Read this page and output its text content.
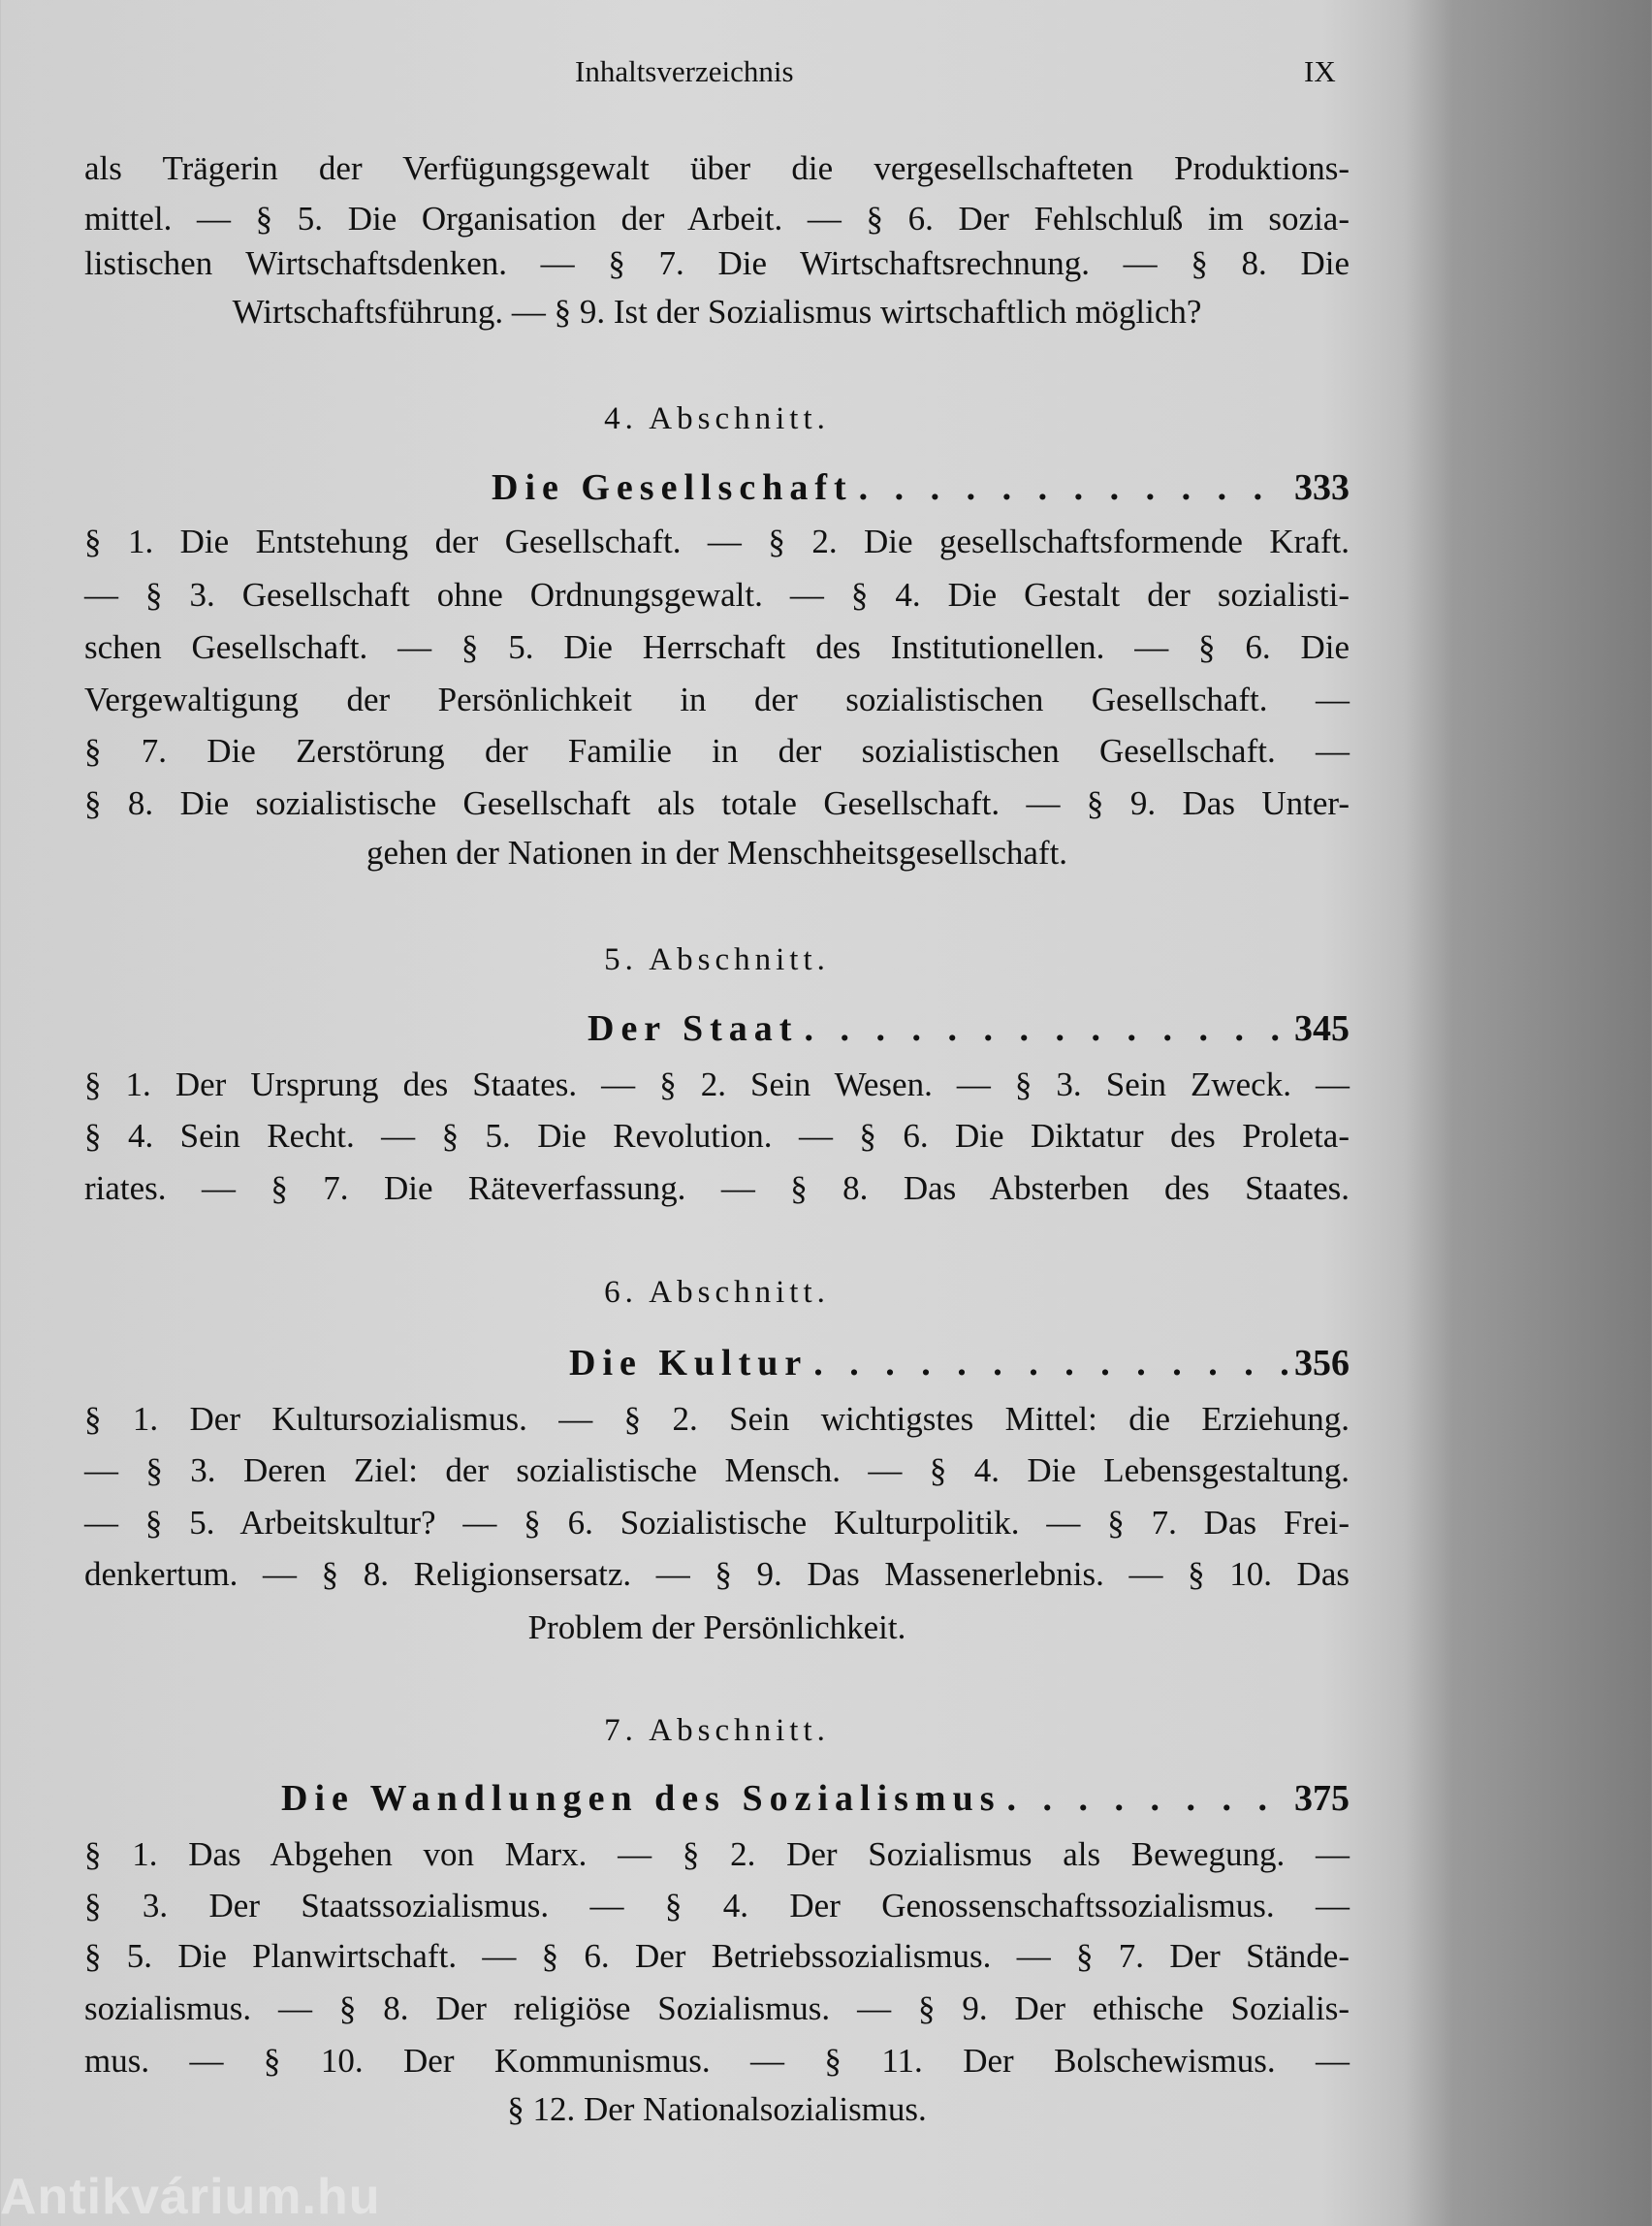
Inhaltsverzeichnis	IX
als Trägerin der Verfügungsgewalt über die vergesellschafteten Produktions-
mittel. — § 5. Die Organisation der Arbeit. — § 6. Der Fehlschluß im sozia-
listischen Wirtschaftsdenken. — § 7. Die Wirtschaftsrechnung. — § 8. Die
Wirtschaftsführung. — § 9. Ist der Sozialismus wirtschaftlich möglich?
4. Abschnitt.
Die Gesellschaft . . .	333
§ 1. Die Entstehung der Gesellschaft. — § 2. Die gesellschaftsformende Kraft.
— § 3. Gesellschaft ohne Ordnungsgewalt. — § 4. Die Gestalt der sozialisti-
schen Gesellschaft. — § 5. Die Herrschaft des Institutionellen. — § 6. Die
Vergewaltigung der Persönlichkeit in der sozialistischen Gesellschaft. —
§ 7. Die Zerstörung der Familie in der sozialistischen Gesellschaft. —
§ 8. Die sozialistische Gesellschaft als totale Gesellschaft. — § 9. Das Unter-
gehen der Nationen in der Menschheitsgesellschaft.
5. Abschnitt.
Der Staat . . .	345
§ 1. Der Ursprung des Staates. — § 2. Sein Wesen. — § 3. Sein Zweck. —
§ 4. Sein Recht. — § 5. Die Revolution. — § 6. Die Diktatur des Proleta-
riates. — § 7. Die Räteverfassung. — § 8. Das Absterben des Staates.
6. Abschnitt.
Die Kultur . . .	356
§ 1. Der Kultursozialismus. — § 2. Sein wichtigstes Mittel: die Erziehung.
— § 3. Deren Ziel: der sozialistische Mensch. — § 4. Die Lebensgestaltung.
— § 5. Arbeitskultur? — § 6. Sozialistische Kulturpolitik. — § 7. Das Frei-
denkertum. — § 8. Religionsersatz. — § 9. Das Massenerlebnis. — § 10. Das
Problem der Persönlichkeit.
7. Abschnitt.
Die Wandlungen des Sozialismus . . .	375
§ 1. Das Abgehen von Marx. — § 2. Der Sozialismus als Bewegung. —
§ 3. Der Staatssozialismus. — § 4. Der Genossenschaftssozialismus. —
§ 5. Die Planwirtschaft. — § 6. Der Betriebssozialismus. — § 7. Der Stände-
sozialismus. — § 8. Der religiöse Sozialismus. — § 9. Der ethische Sozialis-
mus. — § 10. Der Kommunismus. — § 11. Der Bolschewismus. —
§ 12. Der Nationalsozialismus.
Antikvárium.hu
